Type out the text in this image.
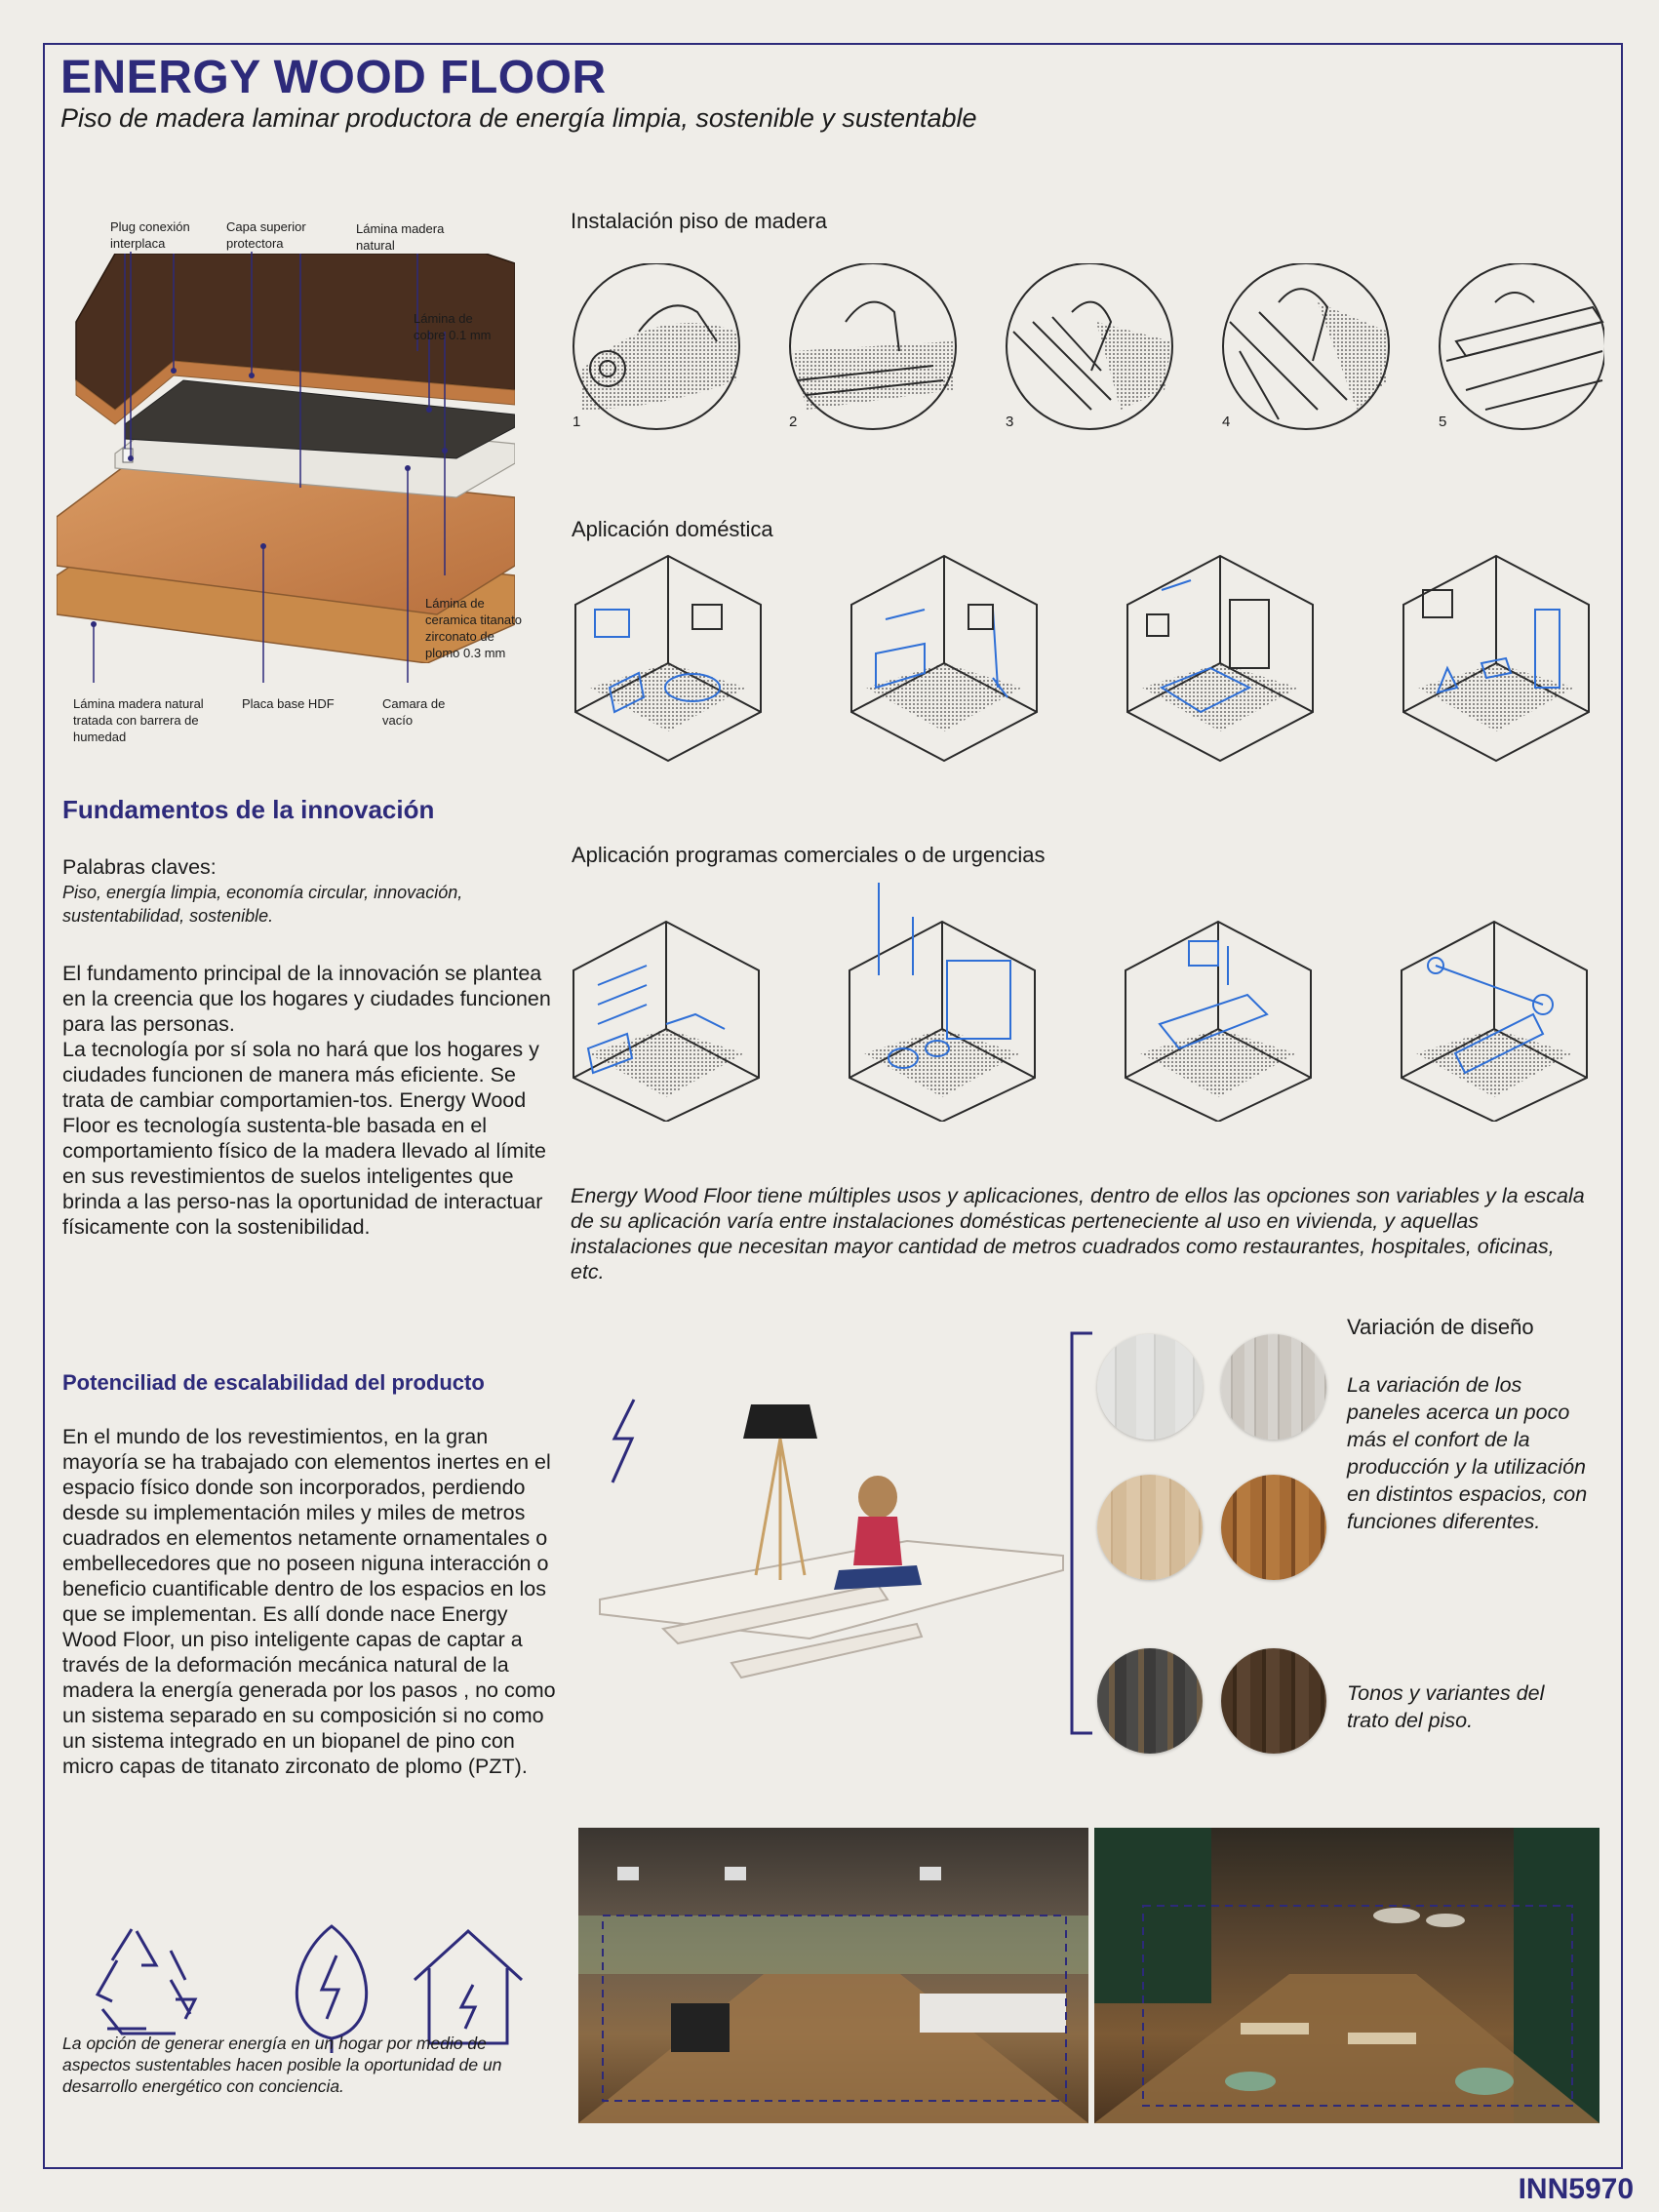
ENERGY WOOD FLOOR
Piso de madera laminar productora de energía limpia, sostenible y sustentable
Plug conexión
interplaca
Capa superior
protectora
Lámina madera
natural
Lámina de
cobre 0.1 mm
Lámina de
ceramica titanato
zirconato de
plomo 0.3 mm
Lámina madera natural
tratada con barrera de
humedad
Placa base HDF	Camara de
vacío
Instalación piso de madera
1	2	3	4	5
Aplicación doméstica
Aplicación programas comerciales o de urgencias
Energy Wood Floor tiene múltiples usos y aplicaciones, dentro de ellos las opciones son variables y la escala de su aplicación varía entre instalaciones domésticas perteneciente al uso en vivienda, y aquellas instalaciones que necesitan mayor cantidad de metros cuadrados como restaurantes, hospitales, oficinas, etc.
Fundamentos de la innovación
Palabras claves:
Piso, energía limpia, economía circular, innovación, sustentabilidad, sostenible.
El fundamento principal de la innovación se plantea en la creencia que los hogares y ciudades funcionen para las personas.
La tecnología por sí sola no hará que los hogares y ciudades funcionen de manera más eficiente. Se trata de cambiar comportamien-tos. Energy Wood Floor es tecnología sustenta-ble basada en el comportamiento físico de la madera llevado al límite en sus revestimientos de suelos inteligentes que brinda a las perso-nas la oportunidad de interactuar físicamente con la sostenibilidad.
Potenciliad de escalabilidad del producto
En el mundo de los revestimientos, en la gran mayoría se ha trabajado con elementos inertes en el espacio físico donde son incorporados, perdiendo desde su implementación miles y miles de metros cuadrados en elementos netamente ornamentales o embellecedores que no poseen niguna interacción o beneficio cuantificable dentro de los espacios en los que se implementan. Es allí donde nace Energy Wood Floor, un piso inteligente capas de captar a través de la deformación mecánica natural de la madera la energía generada por los pasos , no como un sistema separado en su composición si no como un sistema integrado en un biopanel de pino con micro capas de titanato zirconato de plomo (PZT).
La opción de generar energía en un hogar por medio de aspectos sustentables hacen posible la oportunidad de un desarrollo energético con conciencia.
Variación de diseño
La variación de los paneles acerca un poco más el confort de la producción y la utilización en distintos espacios, con funciones diferentes.
Tonos y variantes del trato del piso.
INN5970
